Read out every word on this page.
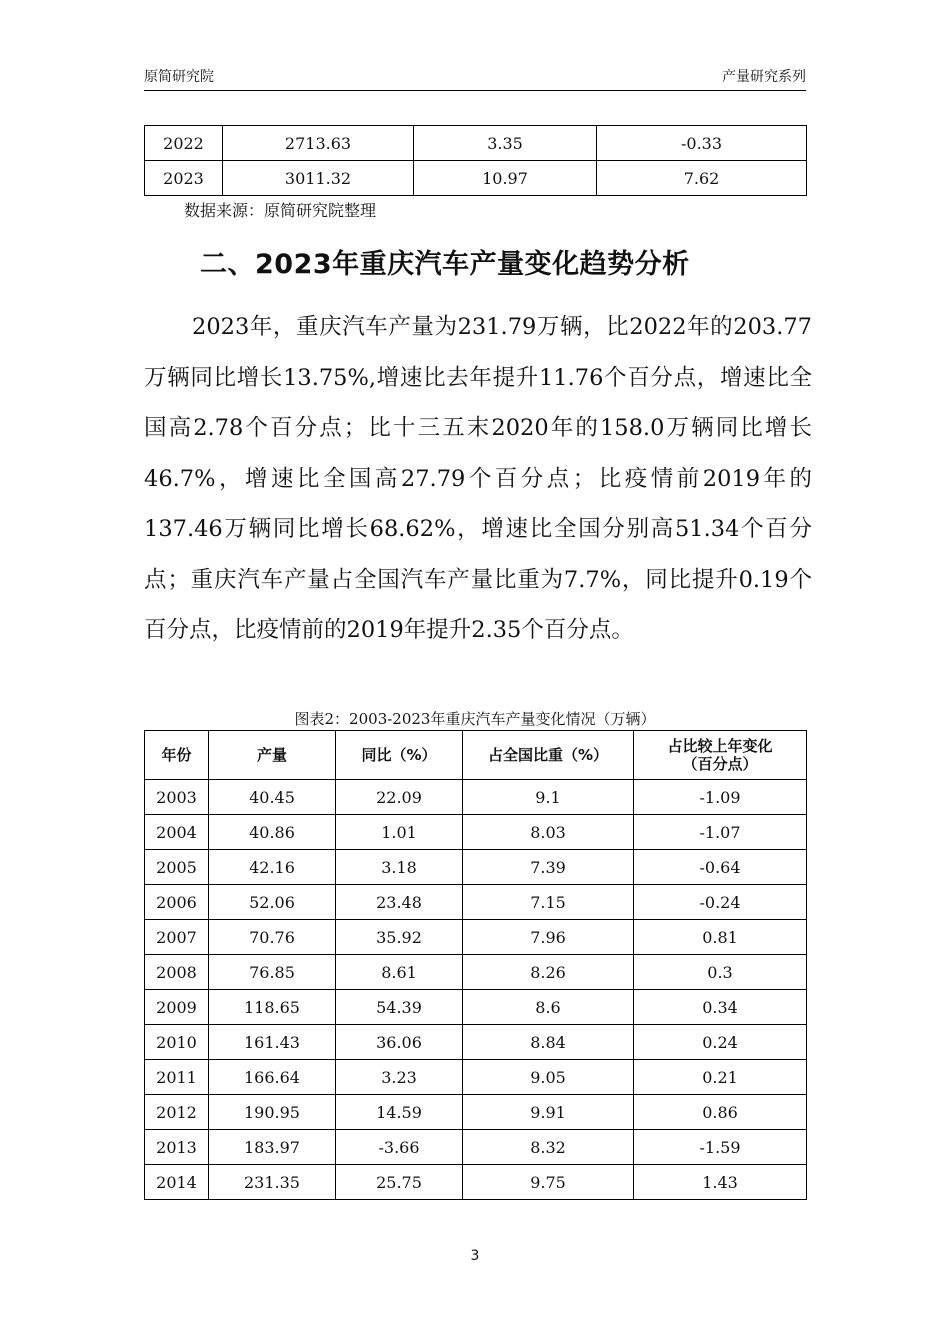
原简研究院	产量研究系列
2022	2713.63	3.35	-0.33
2023	3011.32	10.97	7.62
数据来源：原简研究院整理
二、2023年重庆汽车产量变化趋势分析

2023年，重庆汽车产量为231.79万辆，比2022年的203.77万辆同比增长13.75%,增速比去年提升11.76个百分点，增速比全国高2.78个百分点；比十三五末2020年的158.0万辆同比增长46.7%，增速比全国高27.79个百分点；比疫情前2019年的137.46万辆同比增长68.62%，增速比全国分别高51.34个百分点；重庆汽车产量占全国汽车产量比重为7.7%，同比提升0.19个百分点，比疫情前的2019年提升2.35个百分点。

图表2：2003-2023年重庆汽车产量变化情况（万辆）
年份	产量	同比（%）	占全国比重（%）	占比较上年变化
（百分点）
2003	40.45	22.09	9.1	-1.09
2004	40.86	1.01	8.03	-1.07
2005	42.16	3.18	7.39	-0.64
2006	52.06	23.48	7.15	-0.24
2007	70.76	35.92	7.96	0.81
2008	76.85	8.61	8.26	0.3
2009	118.65	54.39	8.6	0.34
2010	161.43	36.06	8.84	0.24
2011	166.64	3.23	9.05	0.21
2012	190.95	14.59	9.91	0.86
2013	183.97	-3.66	8.32	-1.59
2014	231.35	25.75	9.75	1.43
3
